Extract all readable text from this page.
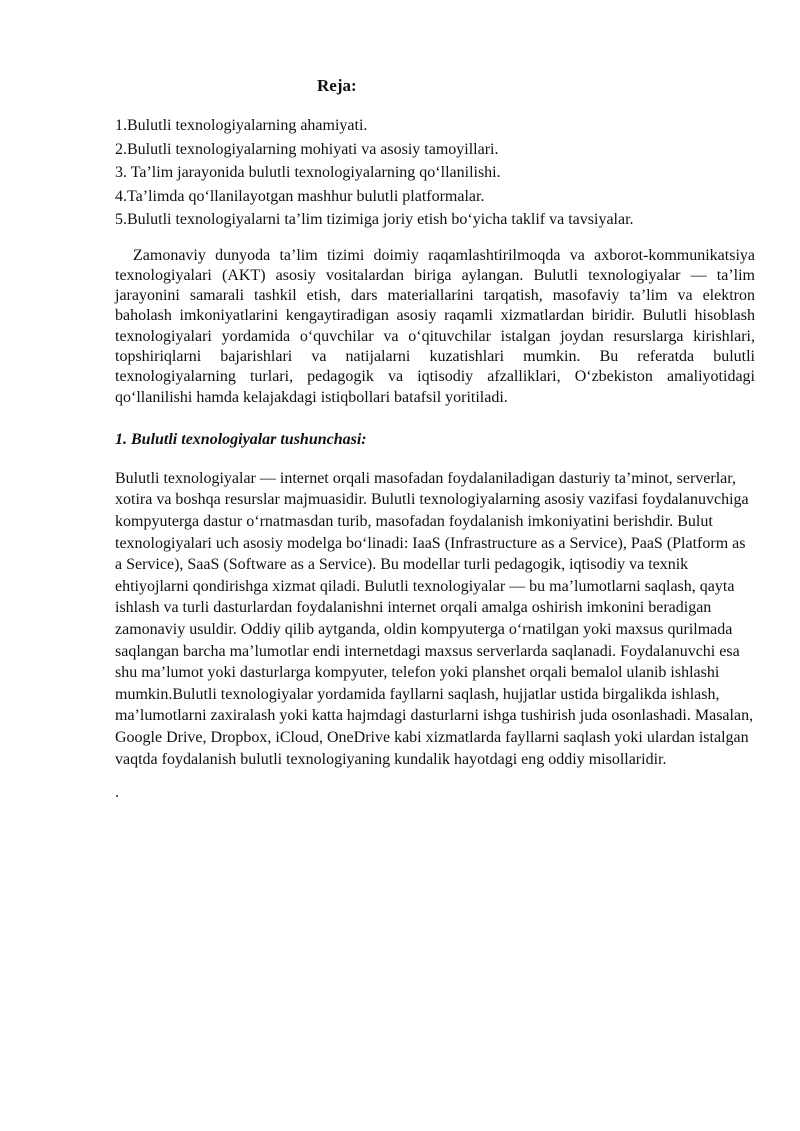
Reja:
1.Bulutli texnologiyalarning ahamiyati.
2.Bulutli texnologiyalarning mohiyati va asosiy tamoyillari.
3. Ta’lim jarayonida bulutli texnologiyalarning qo‘llanilishi.
4.Ta’limda qo‘llanilayotgan mashhur bulutli platformalar.
5.Bulutli texnologiyalarni ta’lim tizimiga joriy etish bo‘yicha taklif va tavsiyalar.

Zamonaviy dunyoda ta’lim tizimi doimiy raqamlashtirilmoqda va axborot-kommunikatsiya texnologiyalari (AKT) asosiy vositalardan biriga aylangan. Bulutli texnologiyalar — ta’lim jarayonini samarali tashkil etish, dars materiallarini tarqatish, masofaviy ta’lim va elektron baholash imkoniyatlarini kengaytiradigan asosiy raqamli xizmatlardan biridir. Bulutli hisoblash texnologiyalari yordamida o‘quvchilar va o‘qituvchilar istalgan joydan resurslarga kirishlari, topshiriqlarni bajarishlari va natijalarni kuzatishlari mumkin. Bu referatda bulutli texnologiyalarning turlari, pedagogik va iqtisodiy afzalliklari, O‘zbekiston amaliyotidagi qo‘llanilishi hamda kelajakdagi istiqbollari batafsil yoritiladi.

1. Bulutli texnologiyalar tushunchasi:

Bulutli texnologiyalar — internet orqali masofadan foydalaniladigan dasturiy ta’minot, serverlar, xotira va boshqa resurslar majmuasidir. Bulutli texnologiyalarning asosiy vazifasi foydalanuvchiga kompyuterga dastur o‘rnatmasdan turib, masofadan foydalanish imkoniyatini berishdir. Bulut texnologiyalari uch asosiy modelga bo‘linadi: IaaS (Infrastructure as a Service), PaaS (Platform as a Service), SaaS (Software as a Service). Bu modellar turli pedagogik, iqtisodiy va texnik ehtiyojlarni qondirishga xizmat qiladi. Bulutli texnologiyalar — bu ma’lumotlarni saqlash, qayta ishlash va turli dasturlardan foydalanishni internet orqali amalga oshirish imkonini beradigan zamonaviy usuldir. Oddiy qilib aytganda, oldin kompyuterga o‘rnatilgan yoki maxsus qurilmada saqlangan barcha ma’lumotlar endi internetdagi maxsus serverlarda saqlanadi. Foydalanuvchi esa shu ma’lumot yoki dasturlarga kompyuter, telefon yoki planshet orqali bemalol ulanib ishlashi mumkin.Bulutli texnologiyalar yordamida fayllarni saqlash, hujjatlar ustida birgalikda ishlash, ma’lumotlarni zaxiralash yoki katta hajmdagi dasturlarni ishga tushirish juda osonlashadi. Masalan, Google Drive, Dropbox, iCloud, OneDrive kabi xizmatlarda fayllarni saqlash yoki ulardan istalgan vaqtda foydalanish bulutli texnologiyaning kundalik hayotdagi eng oddiy misollaridir.

.
